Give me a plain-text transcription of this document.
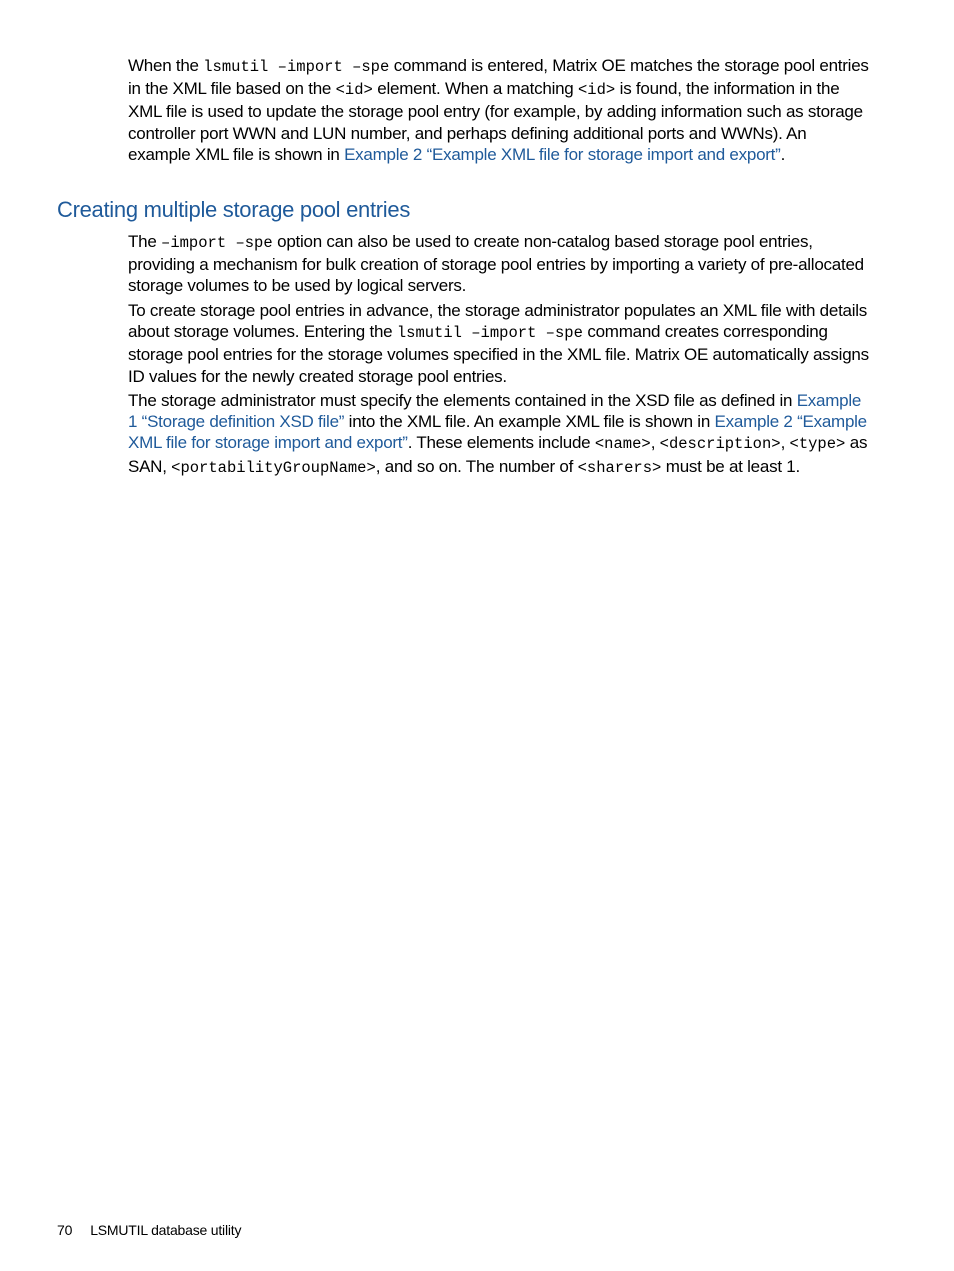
When the lsmutil –import –spe command is entered, Matrix OE matches the storage pool entries in the XML file based on the <id> element. When a matching <id> is found, the information in the XML file is used to update the storage pool entry (for example, by adding information such as storage controller port WWN and LUN number, and perhaps defining additional ports and WWNs). An example XML file is shown in Example 2 “Example XML file for storage import and export”.

Creating multiple storage pool entries

The –import –spe option can also be used to create non-catalog based storage pool entries, providing a mechanism for bulk creation of storage pool entries by importing a variety of pre-allocated storage volumes to be used by logical servers.

To create storage pool entries in advance, the storage administrator populates an XML file with details about storage volumes. Entering the lsmutil –import –spe command creates corresponding storage pool entries for the storage volumes specified in the XML file. Matrix OE automatically assigns ID values for the newly created storage pool entries.

The storage administrator must specify the elements contained in the XSD file as defined in Example 1 “Storage definition XSD file” into the XML file. An example XML file is shown in Example 2 “Example XML file for storage import and export”. These elements include <name>, <description>, <type> as SAN, <portabilityGroupName>, and so on. The number of <sharers> must be at least 1.

70 LSMUTIL database utility
